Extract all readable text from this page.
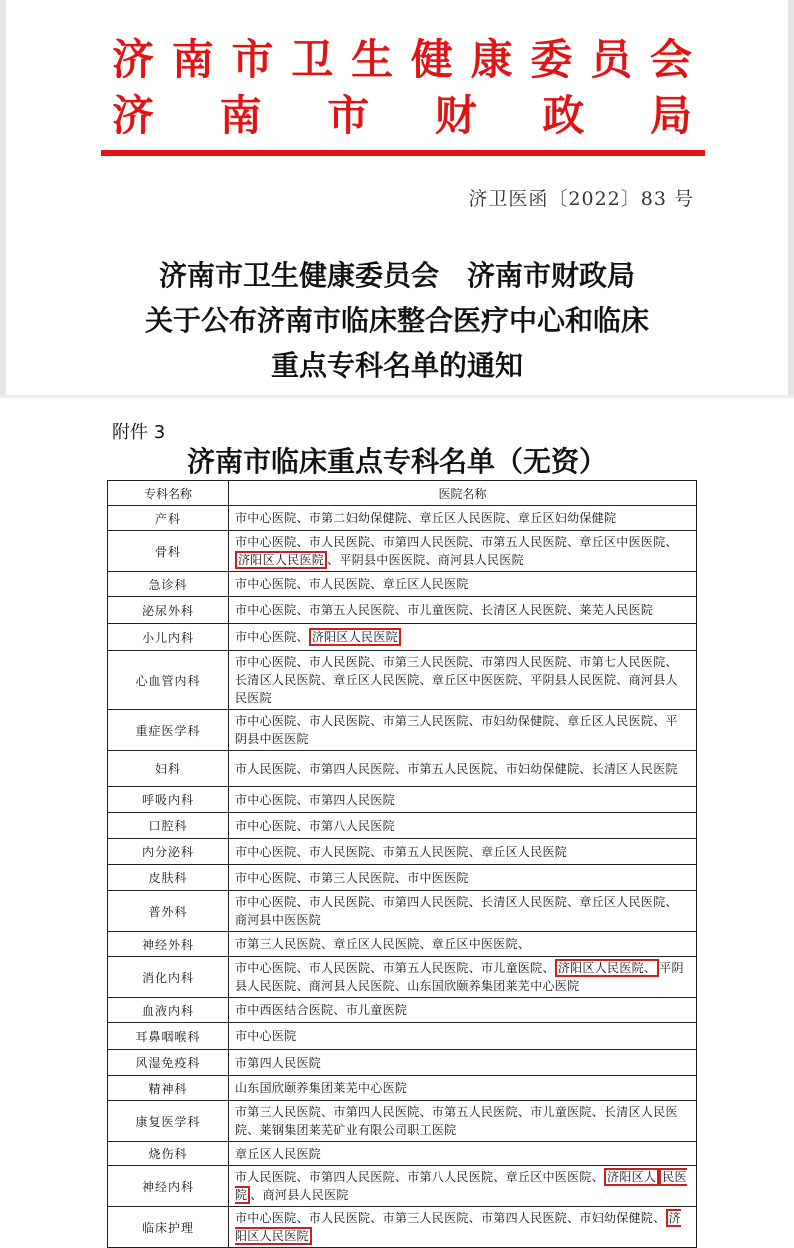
济 南 市 卫 生 健 康 委 员 会
济 南 市 财 政 局
济卫医函〔2022〕83 号
济南市卫生健康委员会　济南市财政局
关于公布济南市临床整合医疗中心和临床
重点专科名单的通知
附件 3
济南市临床重点专科名单（无资）
专科名称	医院名称
产科	市中心医院、市第二妇幼保健院、章丘区人民医院、章丘区妇幼保健院
骨科	市中心医院、市人民医院、市第四人民医院、市第五人民医院、章丘区中医医院、济阳区人民医院 、平阴县中医医院、商河县人民医院
急诊科	市中心医院、市人民医院、章丘区人民医院
泌尿外科	市中心医院、市第五人民医院、市儿童医院、长清区人民医院、莱芜人民医院
小儿内科	市中心医院、 济阳区人民医院
心血管内科	市中心医院、市人民医院、市第三人民医院、市第四人民医院、市第七人民医院、长清区人民医院、章丘区人民医院、章丘区中医医院、平阴县人民医院、商河县人民医院
重症医学科	市中心医院、市人民医院、市第三人民医院、市妇幼保健院、章丘区人民医院、平阴县中医医院
妇科	市人民医院、市第四人民医院、市第五人民医院、市妇幼保健院、长清区人民医院
呼吸内科	市中心医院、市第四人民医院
口腔科	市中心医院、市第八人民医院
内分泌科	市中心医院、市人民医院、市第五人民医院、章丘区人民医院
皮肤科	市中心医院、市第三人民医院、市中医医院
普外科	市中心医院、市人民医院、市第四人民医院、长清区人民医院、章丘区人民医院、商河县中医医院
神经外科	市第三人民医院、章丘区人民医院、章丘区中医医院、
消化内科	市中心医院、市人民医院、市第五人民医院、市儿童医院、 济阳区人民医院、 平阴县人民医院、商河县人民医院、山东国欣颐养集团莱芜中心医院
血液内科	市中西医结合医院、市儿童医院
耳鼻咽喉科	市中心医院
风湿免疫科	市第四人民医院
精神科	山东国欣颐养集团莱芜中心医院
康复医学科	市第三人民医院、市第四人民医院、市第五人民医院、市儿童医院、长清区人民医院、莱钢集团莱芜矿业有限公司职工医院
烧伤科	章丘区人民医院
神经内科	市人民医院、市第四人民医院、市第八人民医院、章丘区中医医院、 济阳区人 民医院 、商河县人民医院
临床护理	市中心医院、市人民医院、市第三人民医院、市第四人民医院、市妇幼保健院、 济阳区人民医院
